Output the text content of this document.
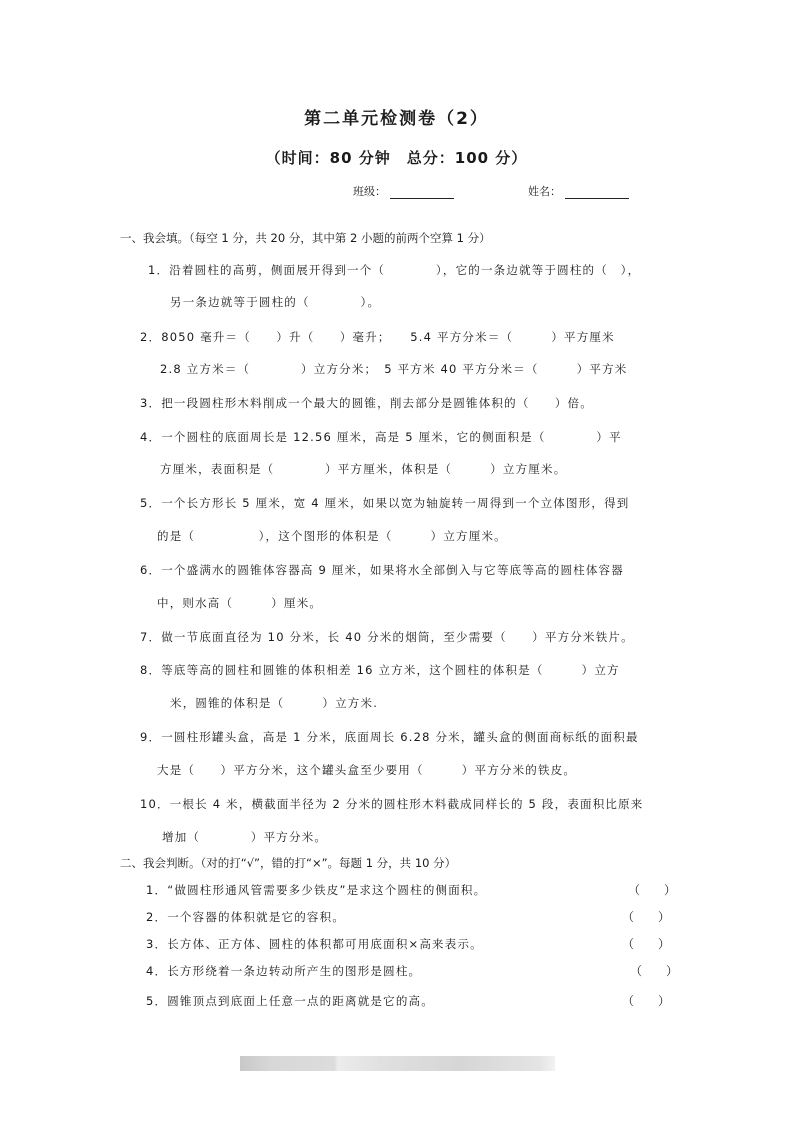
第二单元检测卷（2）
（时间：80 分钟　总分：100 分）
班级：	姓名：
一、我会填。（每空 1 分，共 20 分，其中第 2 小题的前两个空算 1 分）
1．沿着圆柱的高剪，侧面展开得到一个（　　　　），它的一条边就等于圆柱的（　），
另一条边就等于圆柱的（　　　　）。
2．8050 毫升＝（　　）升（　　）毫升；　　5.4 平方分米＝（　　　）平方厘米
2.8 立方米＝（　　　　）立方分米；　5 平方米 40 平方分米＝（　　　）平方米
3．把一段圆柱形木料削成一个最大的圆锥，削去部分是圆锥体积的（　　）倍。
4．一个圆柱的底面周长是 12.56 厘米，高是 5 厘米，它的侧面积是（　　　　）平
方厘米，表面积是（　　　　）平方厘米，体积是（　　　）立方厘米。
5．一个长方形长 5 厘米，宽 4 厘米，如果以宽为轴旋转一周得到一个立体图形，得到
的是（　　　　　），这个图形的体积是（　　　）立方厘米。
6．一个盛满水的圆锥体容器高 9 厘米，如果将水全部倒入与它等底等高的圆柱体容器
中，则水高（　　　）厘米。
7．做一节底面直径为 10 分米，长 40 分米的烟筒，至少需要（　　）平方分米铁片。
8．等底等高的圆柱和圆锥的体积相差 16 立方米，这个圆柱的体积是（　　　）立方
米，圆锥的体积是（　　　）立方米.
9．一圆柱形罐头盒，高是 1 分米，底面周长 6.28 分米，罐头盒的侧面商标纸的面积最
大是（　　）平方分米，这个罐头盒至少要用（　　　）平方分米的铁皮。
10．一根长 4 米，横截面半径为 2 分米的圆柱形木料截成同样长的 5 段，表面积比原来
增加（　　　　）平方分米。
二、我会判断。（对的打“√”，错的打“×”。每题 1 分，共 10 分）
1．“做圆柱形通风管需要多少铁皮”是求这个圆柱的侧面积。	（　　）
2．一个容器的体积就是它的容积。	（　　）
3．长方体、正方体、圆柱的体积都可用底面积×高来表示。	（　　）
4．长方形绕着一条边转动所产生的图形是圆柱。	（　　）
5．圆锥顶点到底面上任意一点的距离就是它的高。	（　　）
